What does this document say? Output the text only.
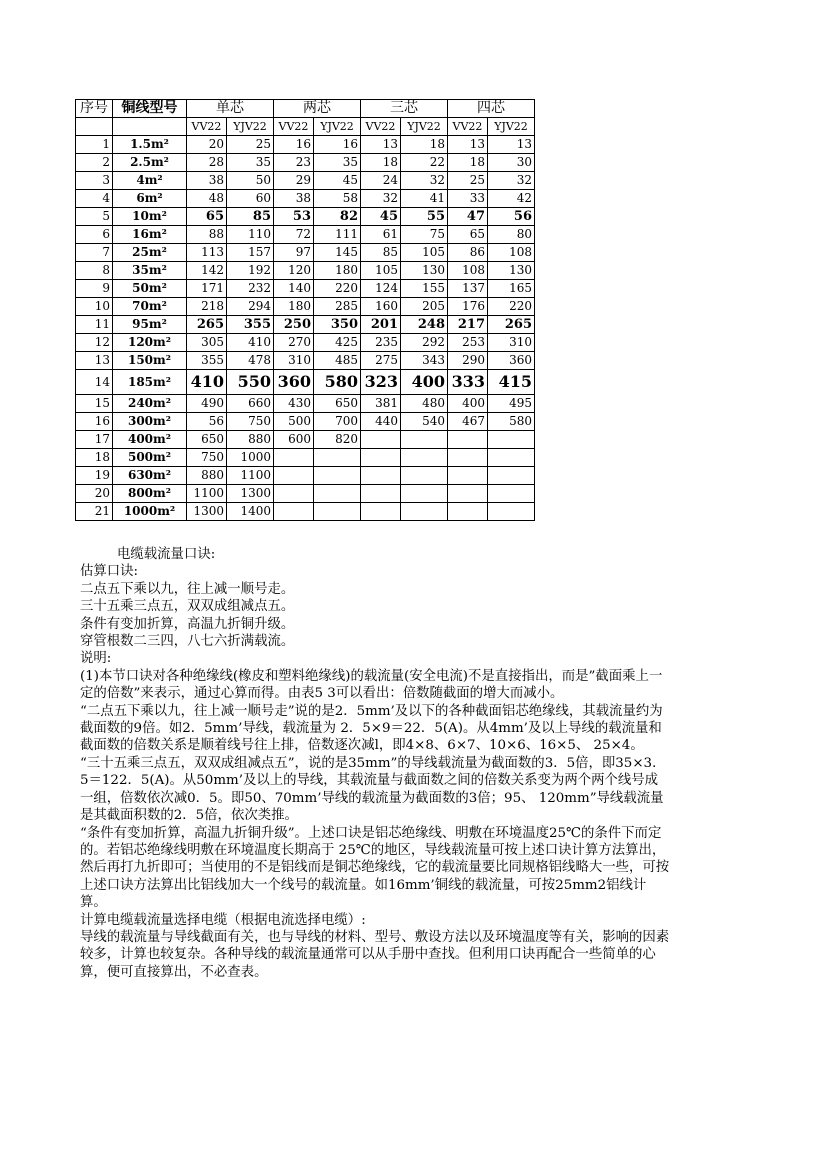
序号	铜线型号	单芯		两芯		三芯		四芯	
		VV22	YJV22	VV22	YJV22	VV22	YJV22	VV22	YJV22
1	1.5m²	20	25	16	16	13	18	13	13
2	2.5m²	28	35	23	35	18	22	18	30
3	4m²	38	50	29	45	24	32	25	32
4	6m²	48	60	38	58	32	41	33	42
5	10m²	65	85	53	82	45	55	47	56
6	16m²	88	110	72	111	61	75	65	80
7	25m²	113	157	97	145	85	105	86	108
8	35m²	142	192	120	180	105	130	108	130
9	50m²	171	232	140	220	124	155	137	165
10	70m²	218	294	180	285	160	205	176	220
11	95m²	265	355	250	350	201	248	217	265
12	120m²	305	410	270	425	235	292	253	310
13	150m²	355	478	310	485	275	343	290	360
14	185m²	410	550	360	580	323	400	333	415
15	240m²	490	660	430	650	381	480	400	495
16	300m²	56	750	500	700	440	540	467	580
17	400m²	650	880	600	820				
18	500m²	750	1000						
19	630m²	880	1100						
20	800m²	1100	1300						
21	1000m²	1300	1400						

电缆载流量口诀:

估算口诀:

二点五下乘以九，往上减一顺号走。

三十五乘三点五，双双成组减点五。

条件有变加折算，高温九折铜升级。

穿管根数二三四，八七六折满载流。

说明:

(1)本节口诀对各种绝缘线(橡皮和塑料绝缘线)的载流量(安全电流)不是直接指出，而是”截面乘上一定的倍数”来表示，通过心算而得。由表5 3可以看出：倍数随截面的增大而减小。

“二点五下乘以九，往上减一顺号走”说的是2．5mm’及以下的各种截面铝芯绝缘线，其载流量约为截面数的9倍。如2．5mm’导线，载流量为 2．5×9＝22．5(A)。从4mm’及以上导线的载流量和截面数的倍数关系是顺着线号往上排，倍数逐次减l，即4×8、6×7、10×6、16×5、 25×4。

“三十五乘三点五，双双成组减点五”，说的是35mm”的导线载流量为截面数的3．5倍，即35×3．5＝122．5(A)。从50mm’及以上的导线，其载流量与截面数之间的倍数关系变为两个两个线号成一组，倍数依次减0．5。即50、70mm’导线的载流量为截面数的3倍；95、 120mm”导线载流量是其截面积数的2．5倍，依次类推。

“条件有变加折算，高温九折铜升级”。上述口诀是铝芯绝缘线、明敷在环境温度25℃的条件下而定的。若铝芯绝缘线明敷在环境温度长期高于 25℃的地区，导线载流量可按上述口诀计算方法算出，然后再打九折即可；当使用的不是铝线而是铜芯绝缘线，它的载流量要比同规格铝线略大一些，可按上述口诀方法算出比铝线加大一个线号的载流量。如16mm’铜线的载流量，可按25mm2铝线计算。

计算电缆载流量选择电缆（根据电流选择电缆）:

导线的载流量与导线截面有关，也与导线的材料、型号、敷设方法以及环境温度等有关，影响的因素较多，计算也较复杂。各种导线的载流量通常可以从手册中查找。但利用口诀再配合一些简单的心算，便可直接算出，不必查表。
